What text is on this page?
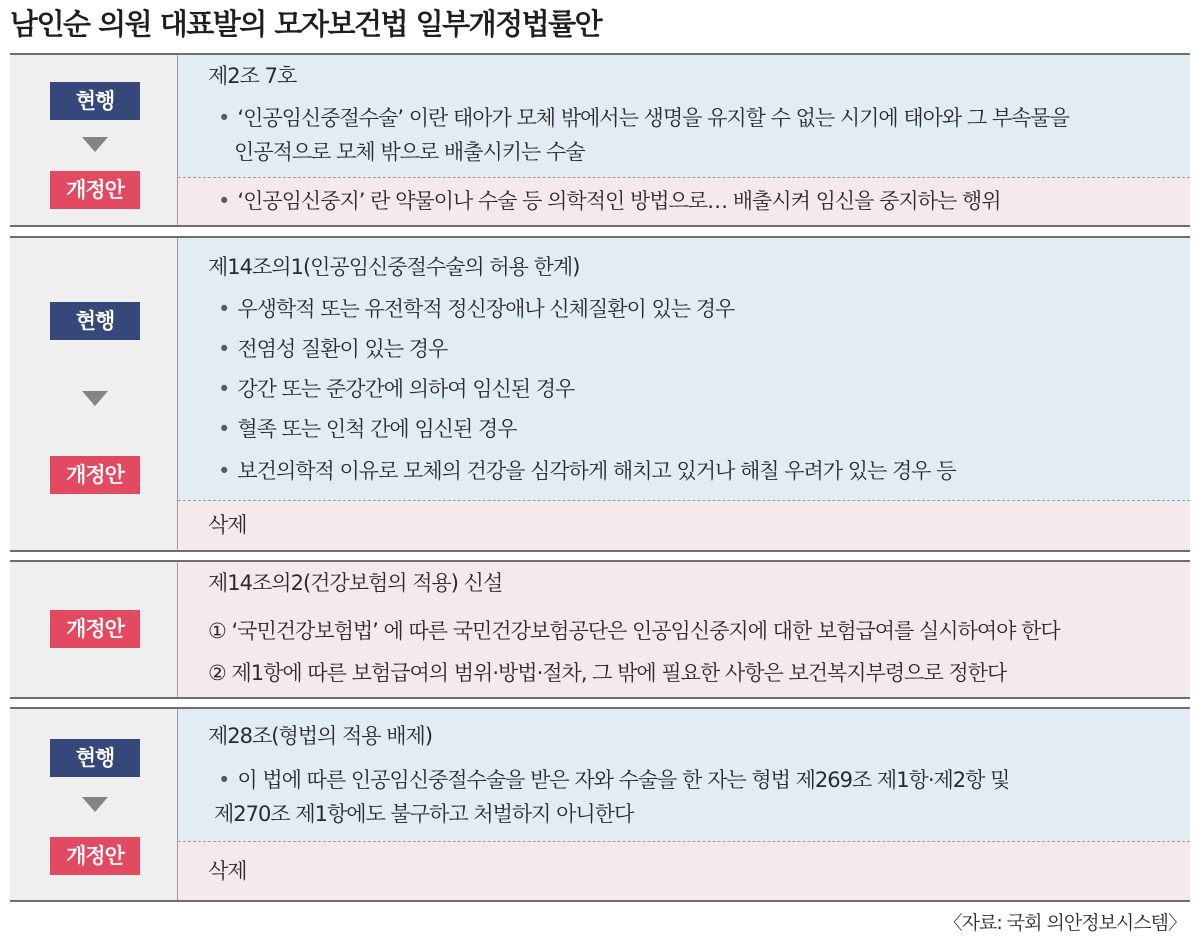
남인순 의원 대표발의 모자보건법 일부개정법률안
현행
개정안
제2조 7호
• ‘인공임신중절수술’ 이란 태아가 모체 밖에서는 생명을 유지할 수 없는 시기에 태아와 그 부속물을
인공적으로 모체 밖으로 배출시키는 수술
• ‘인공임신중지’ 란 약물이나 수술 등 의학적인 방법으로… 배출시켜 임신을 중지하는 행위
현행
개정안
제14조의1(인공임신중절수술의 허용 한계)
• 우생학적 또는 유전학적 정신장애나 신체질환이 있는 경우
• 전염성 질환이 있는 경우
• 강간 또는 준강간에 의하여 임신된 경우
• 혈족 또는 인척 간에 임신된 경우
• 보건의학적 이유로 모체의 건강을 심각하게 해치고 있거나 해칠 우려가 있는 경우 등
삭제
개정안
제14조의2(건강보험의 적용) 신설
① ‘국민건강보험법’ 에 따른 국민건강보험공단은 인공임신중지에 대한 보험급여를 실시하여야 한다
② 제1항에 따른 보험급여의 범위·방법·절차, 그 밖에 필요한 사항은 보건복지부령으로 정한다
현행
개정안
제28조(형법의 적용 배제)
• 이 법에 따른 인공임신중절수술을 받은 자와 수술을 한 자는 형법 제269조 제1항·제2항 및
제270조 제1항에도 불구하고 처벌하지 아니한다
삭제
〈자료: 국회 의안정보시스템〉
